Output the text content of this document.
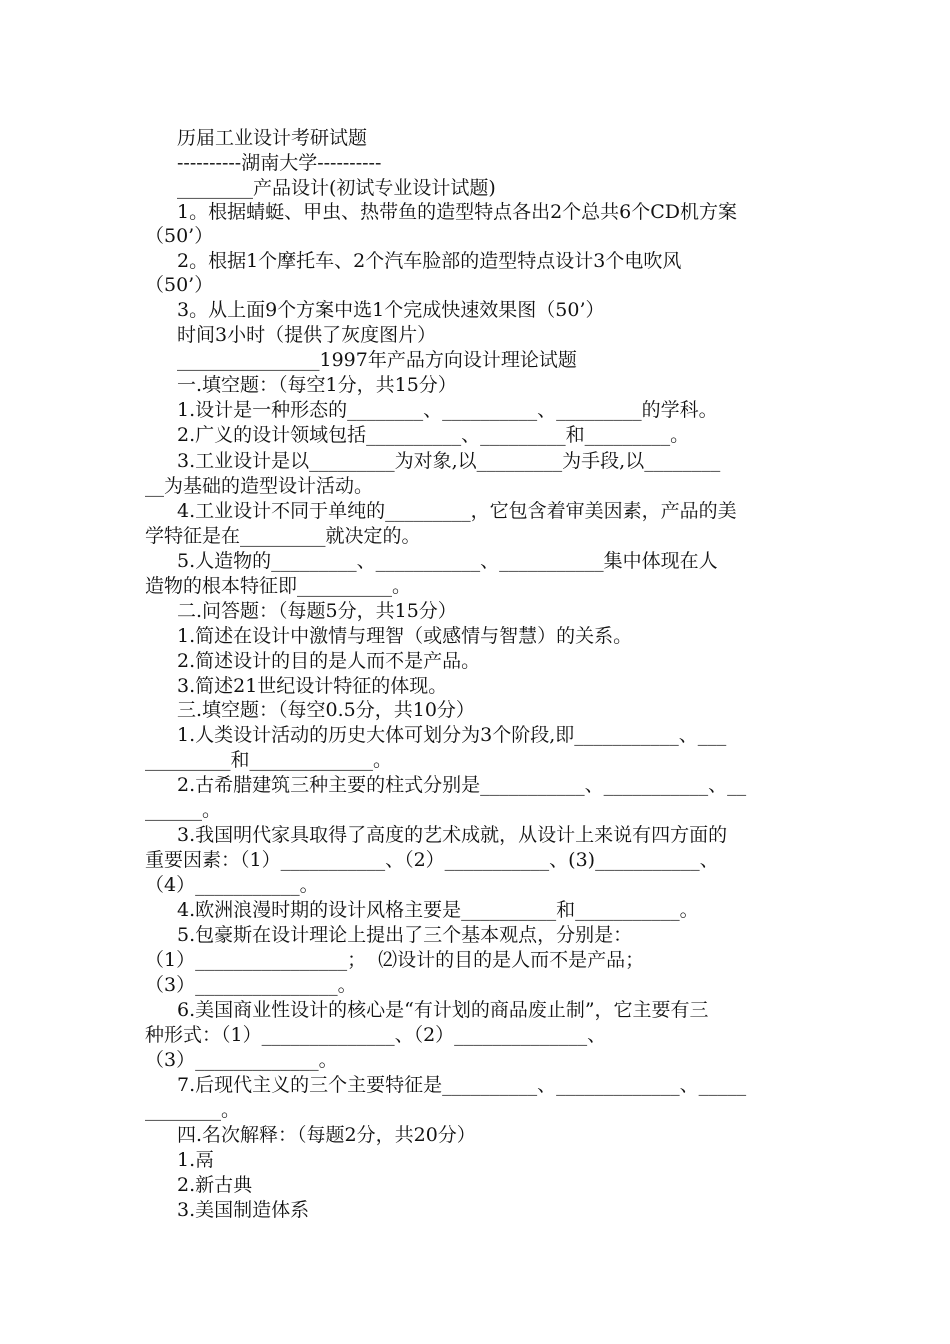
历届工业设计考研试题
----------湖南大学----------
________产品设计(初试专业设计试题)
1。根据蜻蜓、甲虫、热带鱼的造型特点各出2个总共6个CD机方案
（50’）
2。根据1个摩托车、2个汽车脸部的造型特点设计3个电吹风
（50’）
3。从上面9个方案中选1个完成快速效果图（50’）
时间3小时（提供了灰度图片）
_______________1997年产品方向设计理论试题
一.填空题：（每空1分，共15分）
1.设计是一种形态的________、__________、_________的学科。
2.广义的设计领域包括__________、_________和_________。
3.工业设计是以_________为对象,以_________为手段,以________
__为基础的造型设计活动。
4.工业设计不同于单纯的_________，它包含着审美因素，产品的美
学特征是在_________就决定的。
5.人造物的_________、___________、___________集中体现在人
造物的根本特征即__________。
二.问答题：（每题5分，共15分）
1.简述在设计中激情与理智（或感情与智慧）的关系。
2.简述设计的目的是人而不是产品。
3.简述21世纪设计特征的体现。
三.填空题：（每空0.5分，共10分）
1.人类设计活动的历史大体可划分为3个阶段,即___________、___
_________和_____________。
2.古希腊建筑三种主要的柱式分别是___________、___________、__
______。
3.我国明代家具取得了高度的艺术成就，从设计上来说有四方面的
重要因素：（1）___________、（2）___________、(3)___________、
（4）___________。
4.欧洲浪漫时期的设计风格主要是__________和___________。
5.包豪斯在设计理论上提出了三个基本观点，分别是：
（1）________________；  ⑵设计的目的是人而不是产品；
（3）_______________。
6.美国商业性设计的核心是“有计划的商品废止制”，它主要有三
种形式：（1）______________、（2）______________、
（3）_____________。
7.后现代主义的三个主要特征是__________、_____________、_____
________。
四.名次解释：（每题2分，共20分）
1.鬲
2.新古典
3.美国制造体系
